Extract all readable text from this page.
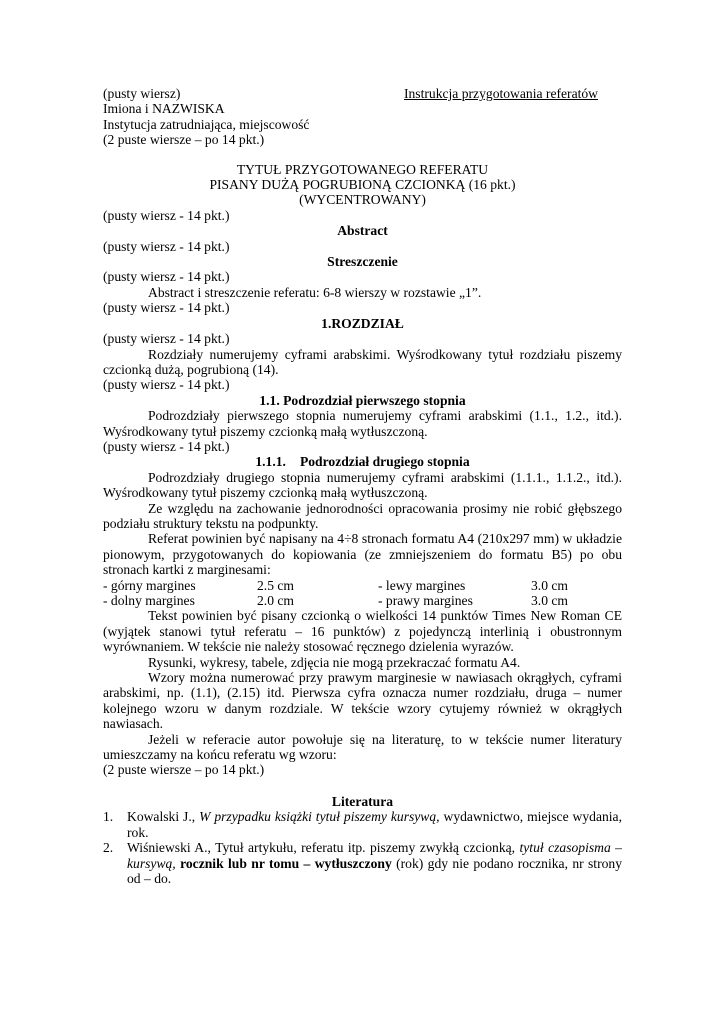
(pusty wiersz)	Instrukcja przygotowania referatów
Imiona i NAZWISKA
Instytucja zatrudniająca, miejscowość
(2 puste wiersze – po 14 pkt.)
TYTUŁ PRZYGOTOWANEGO REFERATU
PISANY DUŻĄ POGRUBIONĄ CZCIONKĄ (16 pkt.)
(WYCENTROWANY)
(pusty wiersz - 14 pkt.)
Abstract
(pusty wiersz - 14 pkt.)
Streszczenie
(pusty wiersz - 14 pkt.)
Abstract i streszczenie referatu: 6-8 wierszy w rozstawie „1”.
(pusty wiersz - 14 pkt.)
1.ROZDZIAŁ
(pusty wiersz - 14 pkt.)
Rozdziały numerujemy cyframi arabskimi. Wyśrodkowany tytuł rozdziału piszemy czcionką dużą, pogrubioną (14).
(pusty wiersz - 14 pkt.)
1.1. Podrozdział pierwszego stopnia
Podrozdziały pierwszego stopnia numerujemy cyframi arabskimi (1.1., 1.2., itd.). Wyśrodkowany tytuł piszemy czcionką małą wytłuszczoną.
(pusty wiersz - 14 pkt.)
1.1.1. Podrozdział drugiego stopnia
Podrozdziały drugiego stopnia numerujemy cyframi arabskimi (1.1.1., 1.1.2., itd.). Wyśrodkowany tytuł piszemy czcionką małą wytłuszczoną.
Ze względu na zachowanie jednorodności opracowania prosimy nie robić głębszego podziału struktury tekstu na podpunkty.
Referat powinien być napisany na 4÷8 stronach formatu A4 (210x297 mm) w układzie pionowym, przygotowanych do kopiowania (ze zmniejszeniem do formatu B5) po obu stronach kartki z marginesami:
- górny margines	2.5 cm	- lewy margines	3.0 cm
- dolny margines	2.0 cm	- prawy margines	3.0 cm
Tekst powinien być pisany czcionką o wielkości 14 punktów Times New Roman CE (wyjątek stanowi tytuł referatu – 16 punktów) z pojedynczą interlinią i obustronnym wyrównaniem. W tekście nie należy stosować ręcznego dzielenia wyrazów.
Rysunki, wykresy, tabele, zdjęcia nie mogą przekraczać formatu A4.
Wzory można numerować przy prawym marginesie w nawiasach okrągłych, cyframi arabskimi, np. (1.1), (2.15) itd. Pierwsza cyfra oznacza numer rozdziału, druga – numer kolejnego wzoru w danym rozdziale. W tekście wzory cytujemy również w okrągłych nawiasach.
Jeżeli w referacie autor powołuje się na literaturę, to w tekście numer literatury umieszczamy na końcu referatu wg wzoru:
(2 puste wiersze – po 14 pkt.)
Literatura
1. Kowalski J., W przypadku książki tytuł piszemy kursywą, wydawnictwo, miejsce wydania, rok.
2. Wiśniewski A., Tytuł artykułu, referatu itp. piszemy zwykłą czcionką, tytuł czasopisma – kursywą, rocznik lub nr tomu – wytłuszczony (rok) gdy nie podano rocznika, nr strony od – do.
